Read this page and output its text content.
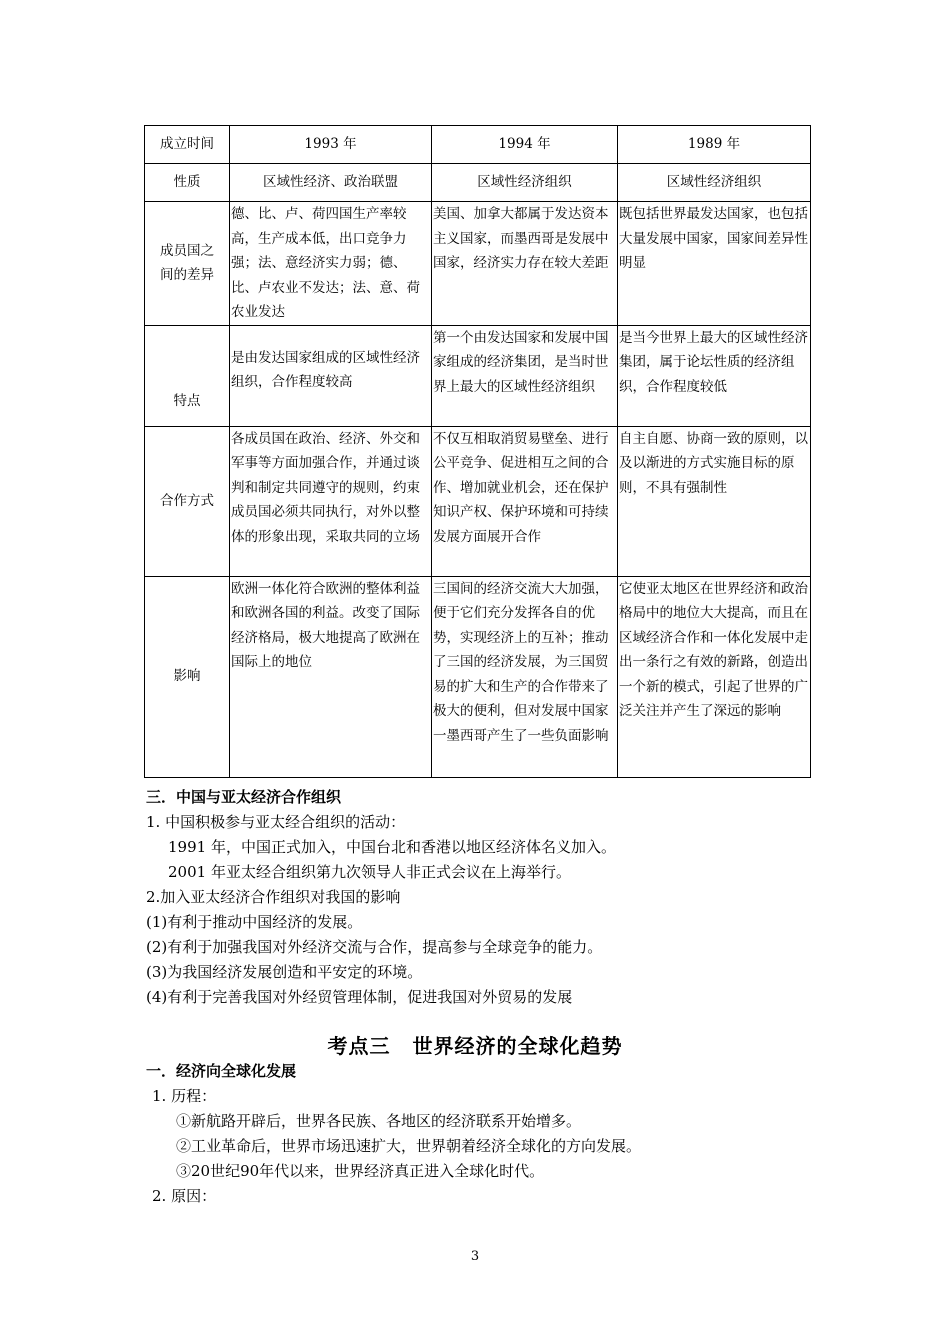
成立时间	1993 年	1994 年	1989 年
性质	区域性经济、政治联盟	区域性经济组织	区域性经济组织
成员国之间的差异	德、比、卢、荷四国生产率较高，生产成本低，出口竞争力强；法、意经济实力弱；德、比、卢农业不发达；法、意、荷农业发达	美国、加拿大都属于发达资本主义国家，而墨西哥是发展中国家，经济实力存在较大差距	既包括世界最发达国家，也包括大量发展中国家，国家间差异性明显
特点	是由发达国家组成的区域性经济组织，合作程度较高	第一个由发达国家和发展中国家组成的经济集团，是当时世界上最大的区域性经济组织	是当今世界上最大的区域性经济集团，属于论坛性质的经济组织，合作程度较低
合作方式	各成员国在政治、经济、外交和军事等方面加强合作，并通过谈判和制定共同遵守的规则，约束成员国必须共同执行，对外以整体的形象出现，采取共同的立场	不仅互相取消贸易壁垒、进行公平竞争、促进相互之间的合作、增加就业机会，还在保护知识产权、保护环境和可持续发展方面展开合作	自主自愿、协商一致的原则，以及以渐进的方式实施目标的原则，不具有强制性
影响	欧洲一体化符合欧洲的整体利益和欧洲各国的利益。改变了国际经济格局，极大地提高了欧洲在国际上的地位	三国间的经济交流大大加强，便于它们充分发挥各自的优势，实现经济上的互补；推动了三国的经济发展，为三国贸易的扩大和生产的合作带来了极大的便利，但对发展中国家一墨西哥产生了一些负面影响	它使亚太地区在世界经济和政治格局中的地位大大提高，而且在区域经济合作和一体化发展中走出一条行之有效的新路，创造出一个新的模式，引起了世界的广泛关注并产生了深远的影响
三．中国与亚太经济合作组织
1. 中国积极参与亚太经合组织的活动：
1991 年，中国正式加入，中国台北和香港以地区经济体名义加入。
2001 年亚太经合组织第九次领导人非正式会议在上海举行。
2.加入亚太经济合作组织对我国的影响
(1)有利于推动中国经济的发展。
(2)有利于加强我国对外经济交流与合作，提高参与全球竞争的能力。
(3)为我国经济发展创造和平安定的环境。
(4)有利于完善我国对外经贸管理体制，促进我国对外贸易的发展
考点三 世界经济的全球化趋势
一．经济向全球化发展
1. 历程：
①新航路开辟后，世界各民族、各地区的经济联系开始增多。
②工业革命后，世界市场迅速扩大，世界朝着经济全球化的方向发展。
③20世纪90年代以来，世界经济真正进入全球化时代。
2. 原因：
3
